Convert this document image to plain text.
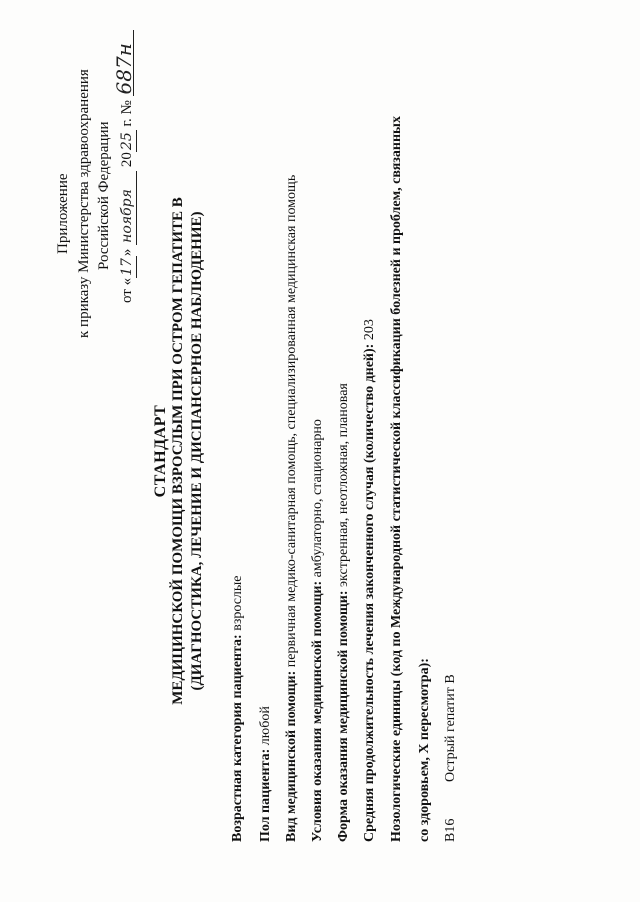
Приложение к приказу Министерства здравоохранения Российской Федерации
от «17» ноября 2025 г. № 687н
СТАНДАРТ МЕДИЦИНСКОЙ ПОМОЩИ ВЗРОСЛЫМ ПРИ ОСТРОМ ГЕПАТИТЕ В (ДИАГНОСТИКА, ЛЕЧЕНИЕ И ДИСПАНСЕРНОЕ НАБЛЮДЕНИЕ)
Возрастная категория пациента: взрослые
Пол пациента: любой Вид медицинской помощи: первичная медико-санитарная помощь, специализированная медицинская помощь
Условия оказания медицинской помощи: амбулаторно, стационарно
Форма оказания медицинской помощи: экстренная, неотложная, плановая Средняя продолжительность лечения законченного случая (количество дней): 203 Нозологические единицы (код по Международной статистической классификации болезней и проблем, связанных со здоровьем, X пересмотра): B16Острый гепатит В
